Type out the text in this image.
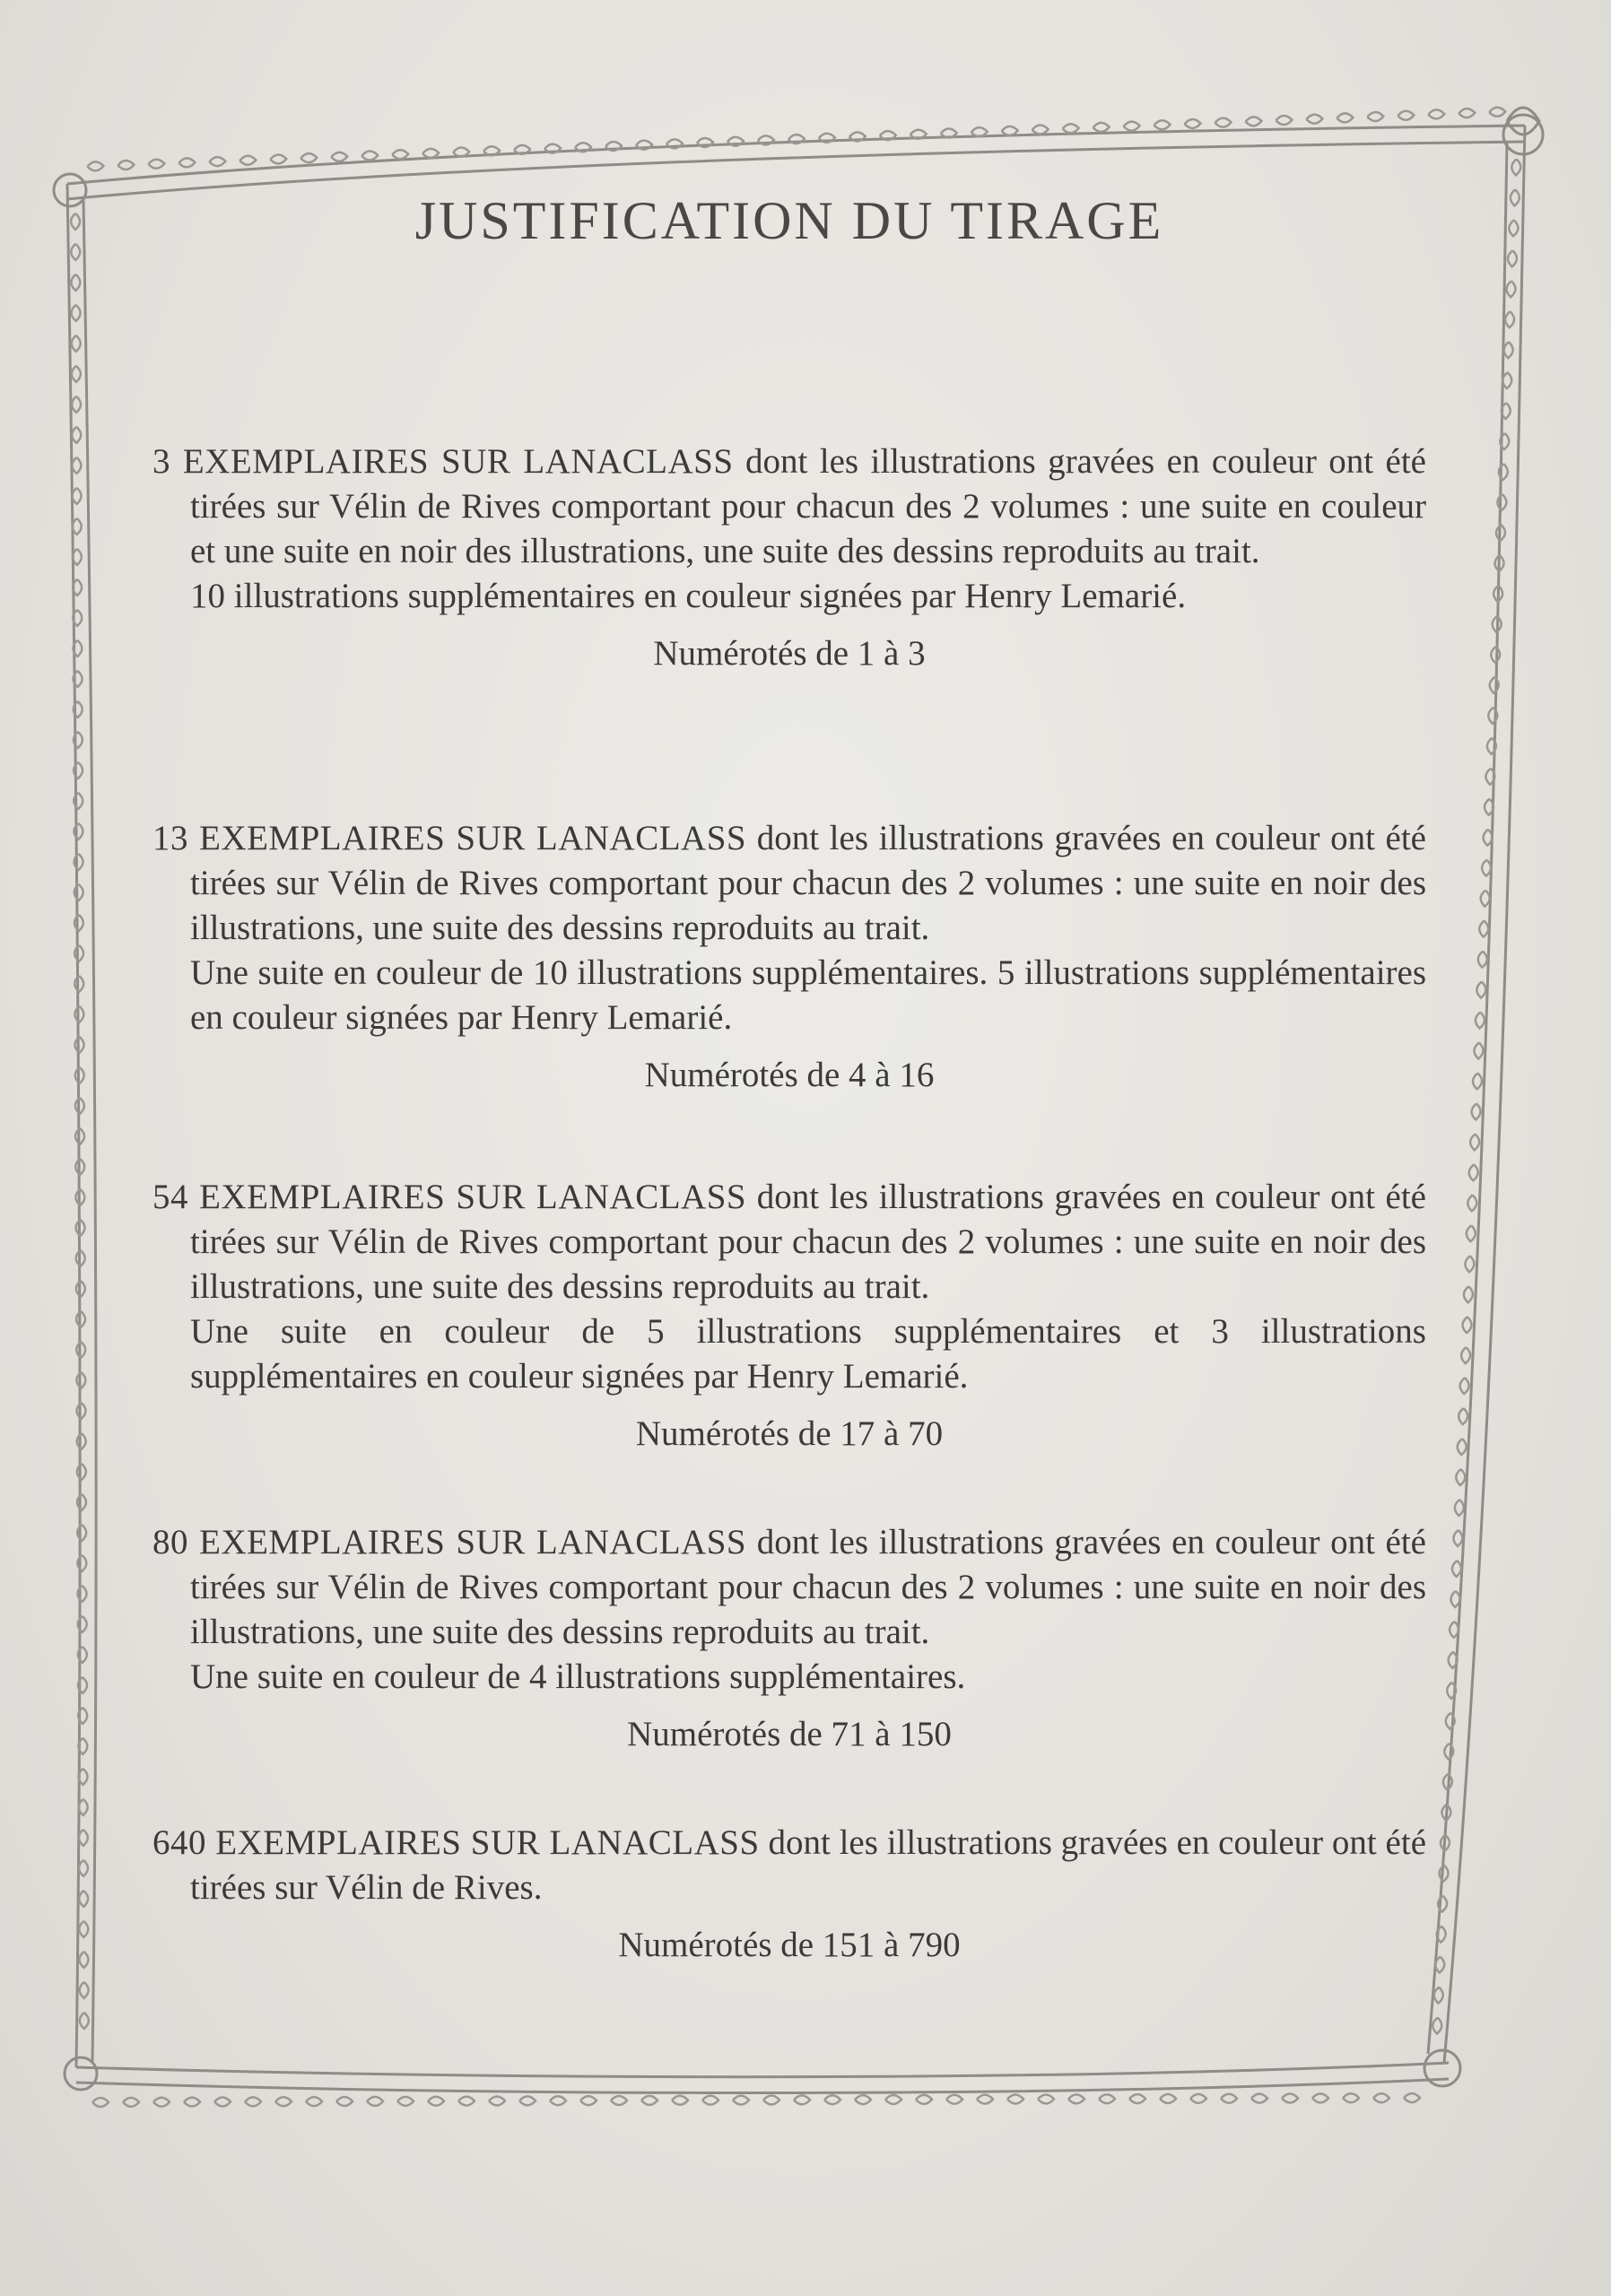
JUSTIFICATION DU TIRAGE
3 EXEMPLAIRES SUR LANACLASS dont les illustrations gravées en couleur ont été tirées sur Vélin de Rives comportant pour chacun des 2 volumes : une suite en couleur et une suite en noir des illustrations, une suite des dessins reproduits au trait.
10 illustrations supplémentaires en couleur signées par Henry Lemarié.
Numérotés de 1 à 3
13 EXEMPLAIRES SUR LANACLASS dont les illustrations gravées en couleur ont été tirées sur Vélin de Rives comportant pour chacun des 2 volumes : une suite en noir des illustrations, une suite des dessins reproduits au trait.
Une suite en couleur de 10 illustrations supplémentaires. 5 illustrations supplémentaires en couleur signées par Henry Lemarié.
Numérotés de 4 à 16
54 EXEMPLAIRES SUR LANACLASS dont les illustrations gravées en couleur ont été tirées sur Vélin de Rives comportant pour chacun des 2 volumes : une suite en noir des illustrations, une suite des dessins reproduits au trait.
Une suite en couleur de 5 illustrations supplémentaires et 3 illustrations supplémentaires en couleur signées par Henry Lemarié.
Numérotés de 17 à 70
80 EXEMPLAIRES SUR LANACLASS dont les illustrations gravées en couleur ont été tirées sur Vélin de Rives comportant pour chacun des 2 volumes : une suite en noir des illustrations, une suite des dessins reproduits au trait.
Une suite en couleur de 4 illustrations supplémentaires.
Numérotés de 71 à 150
640 EXEMPLAIRES SUR LANACLASS dont les illustrations gravées en couleur ont été tirées sur Vélin de Rives.
Numérotés de 151 à 790
